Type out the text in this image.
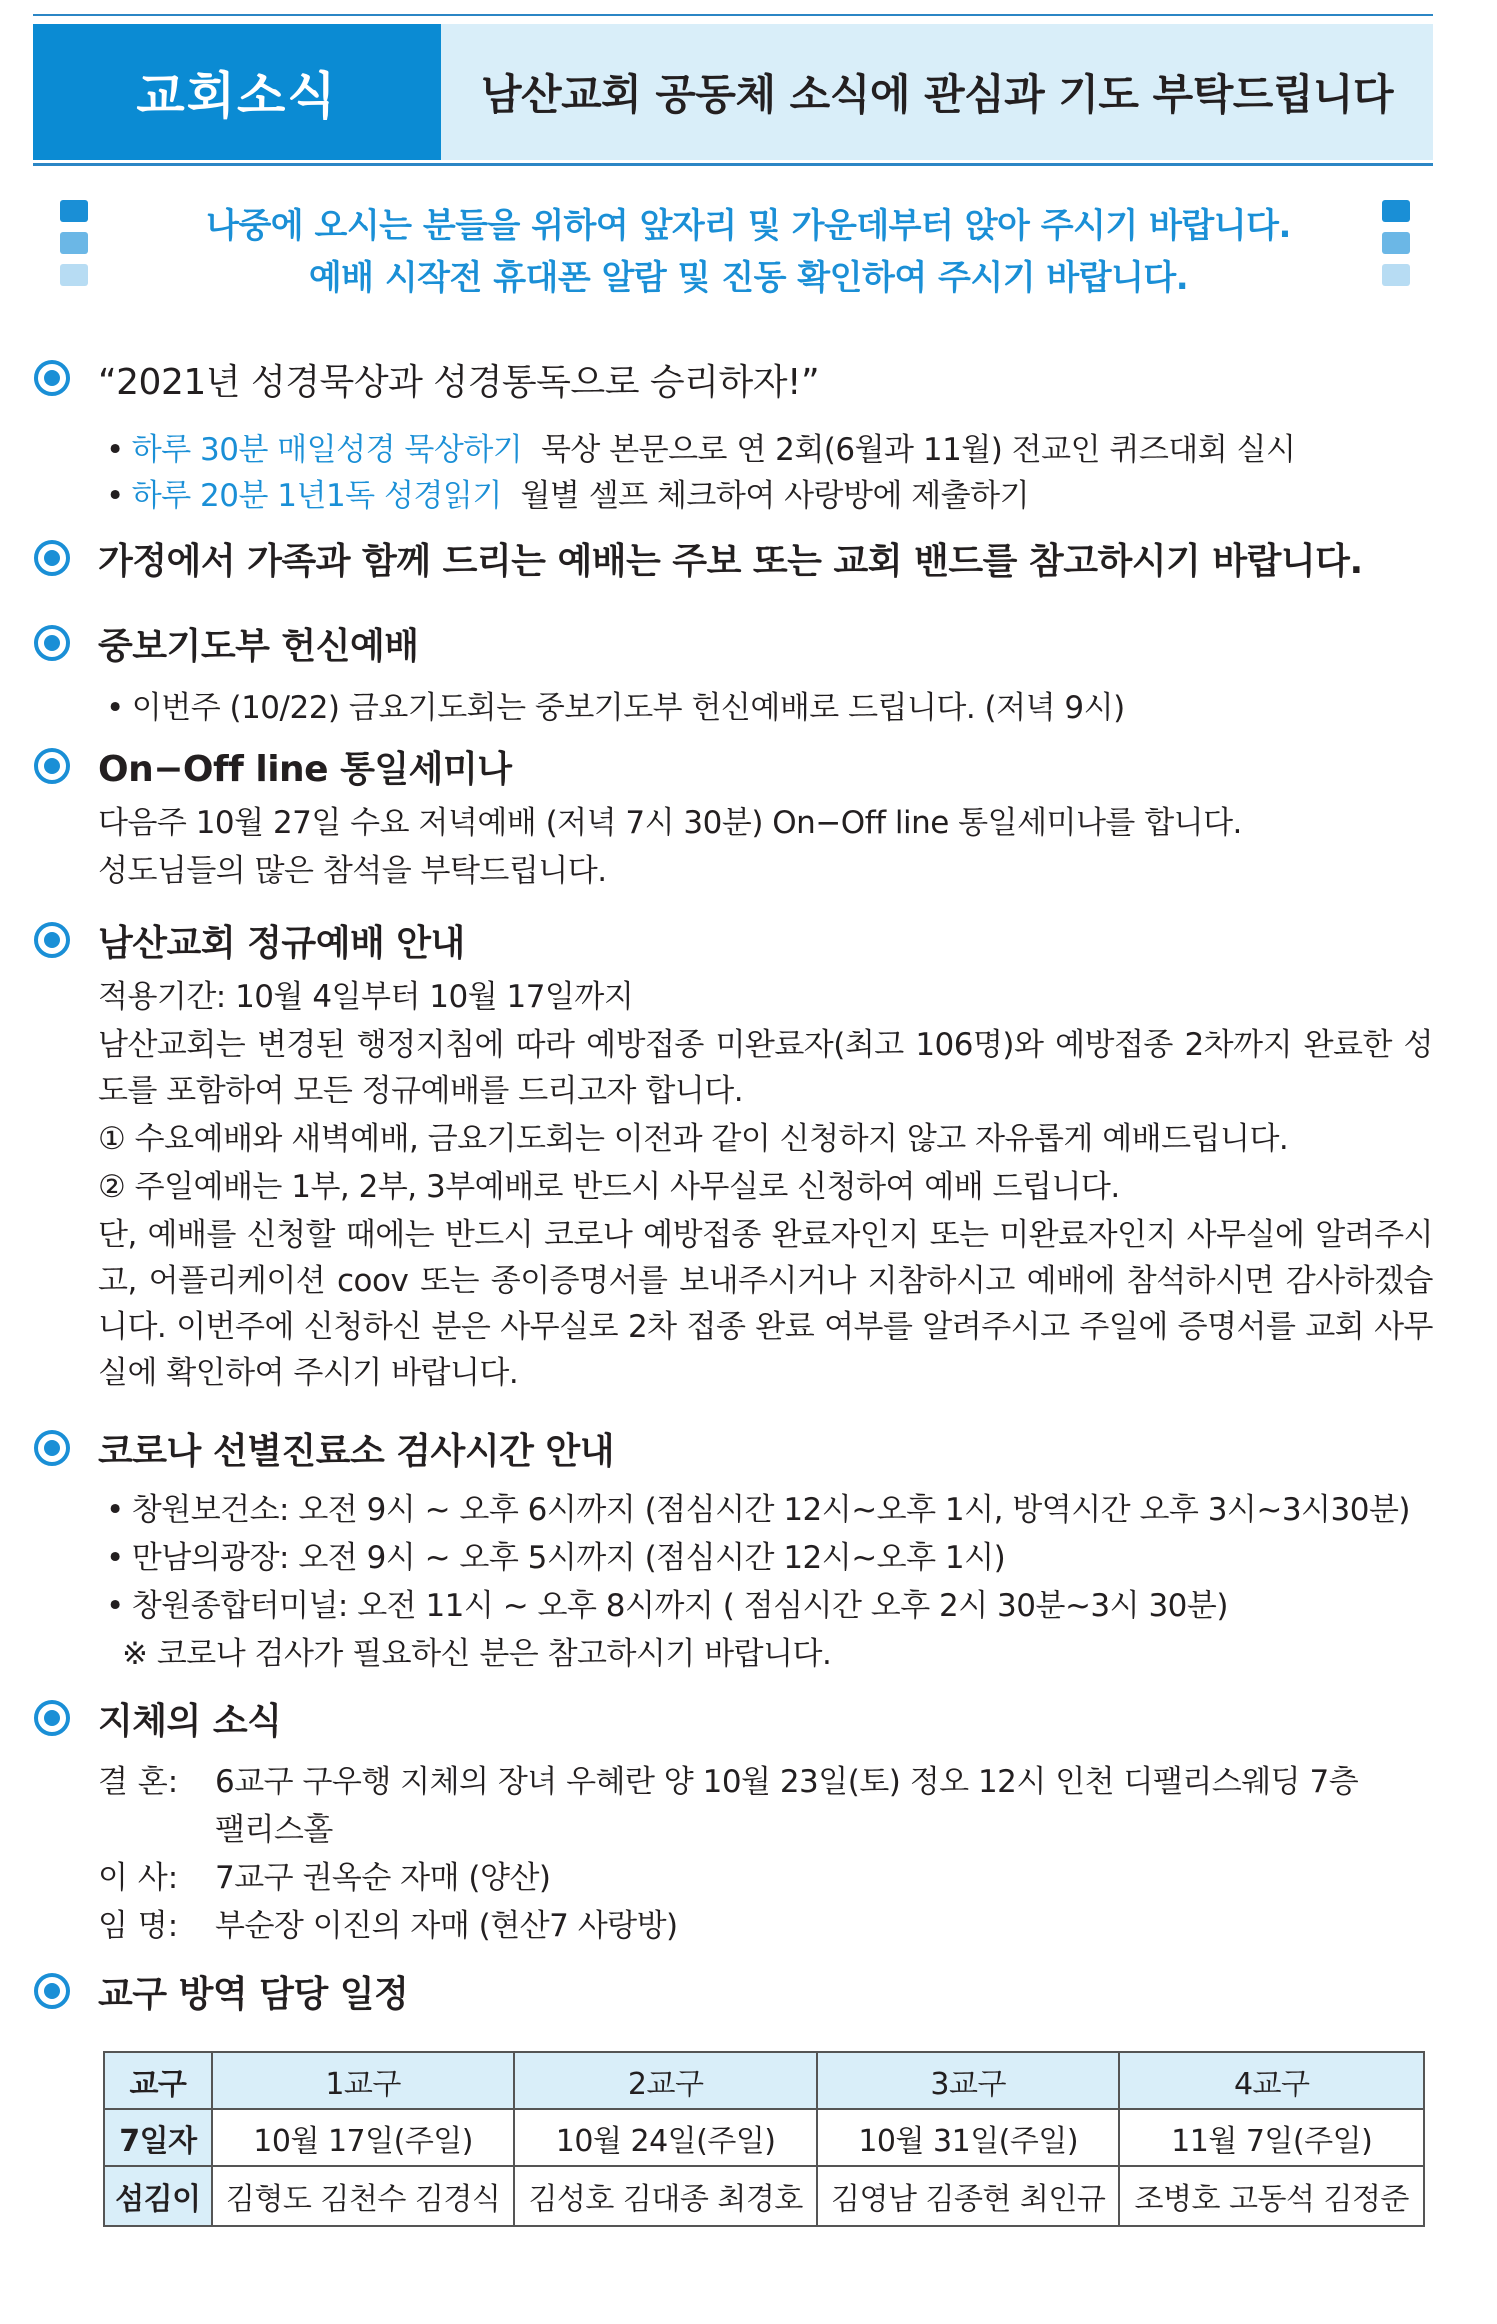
교회소식	남산교회 공동체 소식에 관심과 기도 부탁드립니다
나중에 오시는 분들을 위하여 앞자리 및 가운데부터 앉아 주시기 바랍니다.
예배 시작전 휴대폰 알람 및 진동 확인하여 주시기 바랍니다.
“2021년 성경묵상과 성경통독으로 승리하자!”
• 하루 30분 매일성경 묵상하기 묵상 본문으로 연 2회(6월과 11월) 전교인 퀴즈대회 실시
• 하루 20분 1년1독 성경읽기 월별 셀프 체크하여 사랑방에 제출하기
가정에서 가족과 함께 드리는 예배는 주보 또는 교회 밴드를 참고하시기 바랍니다.
중보기도부 헌신예배
• 이번주 (10/22) 금요기도회는 중보기도부 헌신예배로 드립니다. (저녁 9시)
On−Off line 통일세미나
다음주 10월 27일 수요 저녁예배 (저녁 7시 30분) On−Off line 통일세미나를 합니다.
성도님들의 많은 참석을 부탁드립니다.
남산교회 정규예배 안내
적용기간: 10월 4일부터 10월 17일까지
남산교회는 변경된 행정지침에 따라 예방접종 미완료자(최고 106명)와 예방접종 2차까지 완료한 성도를 포함하여 모든 정규예배를 드리고자 합니다.
① 수요예배와 새벽예배, 금요기도회는 이전과 같이 신청하지 않고 자유롭게 예배드립니다.
② 주일예배는 1부, 2부, 3부예배로 반드시 사무실로 신청하여 예배 드립니다.
단, 예배를 신청할 때에는 반드시 코로나 예방접종 완료자인지 또는 미완료자인지 사무실에 알려주시고, 어플리케이션 coov 또는 종이증명서를 보내주시거나 지참하시고 예배에 참석하시면 감사하겠습니다. 이번주에 신청하신 분은 사무실로 2차 접종 완료 여부를 알려주시고 주일에 증명서를 교회 사무실에 확인하여 주시기 바랍니다.
코로나 선별진료소 검사시간 안내
• 창원보건소: 오전 9시 ~ 오후 6시까지 (점심시간 12시~오후 1시, 방역시간 오후 3시~3시30분)
• 만남의광장: 오전 9시 ~ 오후 5시까지 (점심시간 12시~오후 1시)
• 창원종합터미널: 오전 11시 ~ 오후 8시까지 ( 점심시간 오후 2시 30분~3시 30분)
※ 코로나 검사가 필요하신 분은 참고하시기 바랍니다.
지체의 소식
결 혼: 6교구 구우행 지체의 장녀 우혜란 양 10월 23일(토) 정오 12시 인천 디팰리스웨딩 7층
팰리스홀
이 사: 7교구 권옥순 자매 (양산)
임 명: 부순장 이진의 자매 (현산7 사랑방)
교구 방역 담당 일정
교구	1교구	2교구	3교구	4교구
7일자	10월 17일(주일)	10월 24일(주일)	10월 31일(주일)	11월 7일(주일)
섬김이	김형도 김천수 김경식	김성호 김대종 최경호	김영남 김종현 최인규	조병호 고동석 김정준
